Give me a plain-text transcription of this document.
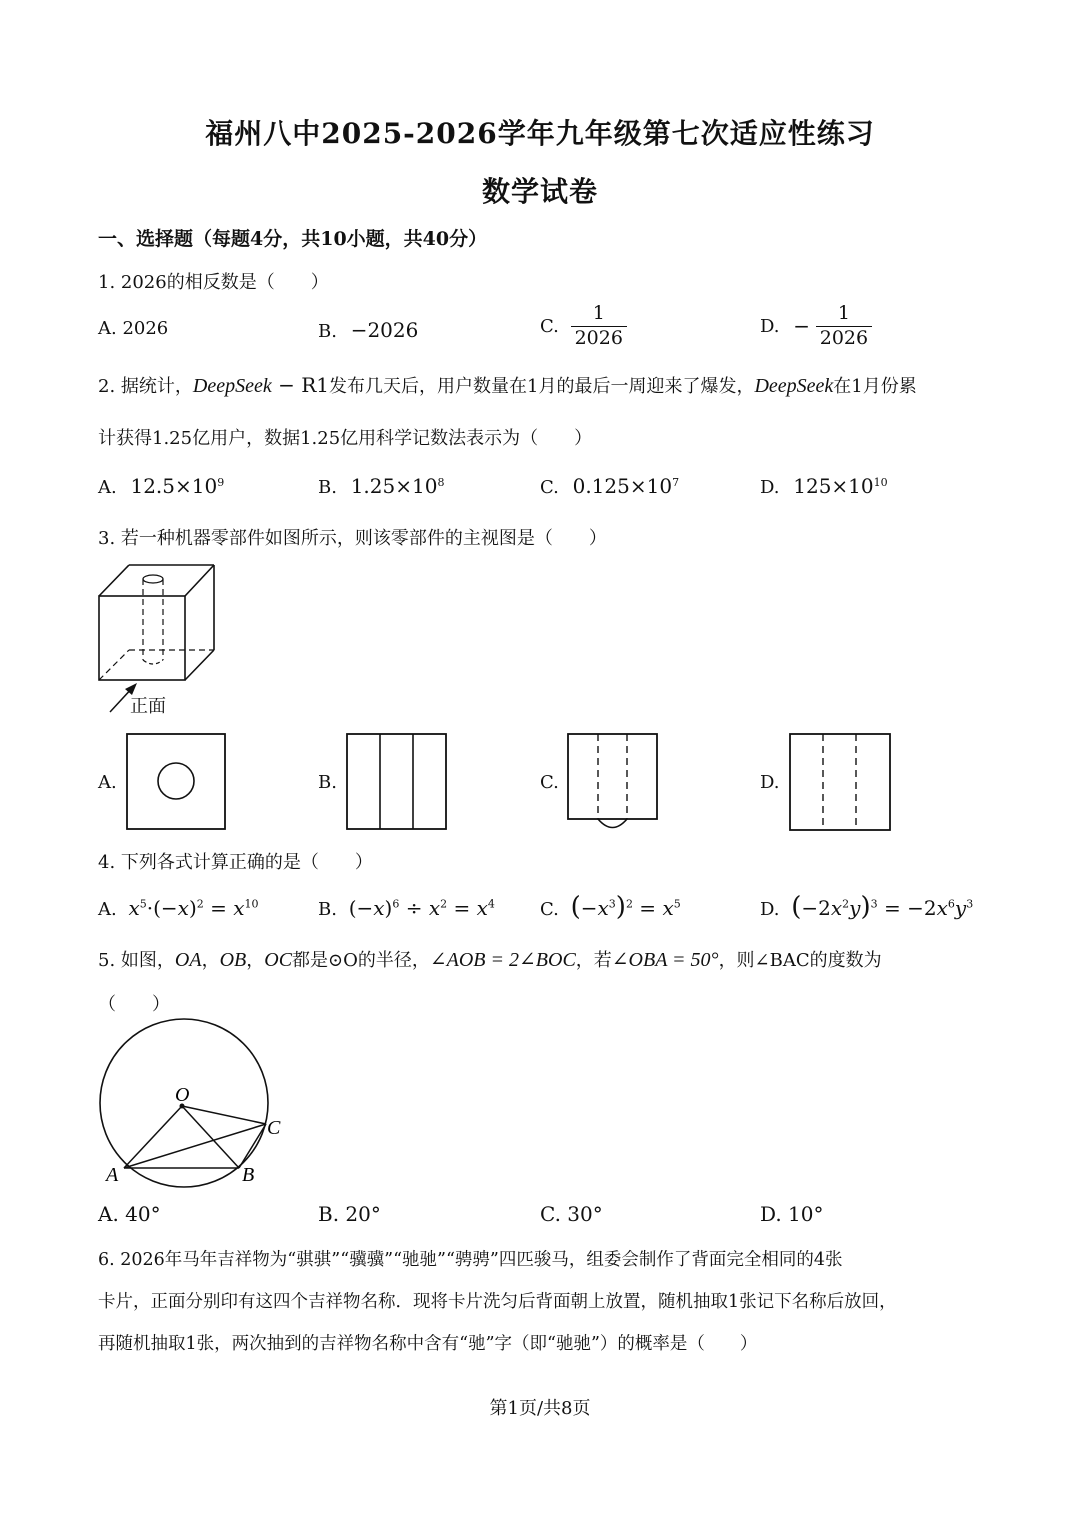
福州八中2025-2026学年九年级第七次适应性练习
数学试卷
一、选择题（每题4分，共10小题，共40分）
1. 2026的相反数是（　　）
A. 2026	B. −2026	C. $\frac{1}{2026}$	D. − $\frac{1}{2026}$
2. 据统计，DeepSeek − R1发布几天后，用户数量在1月的最后一周迎来了爆发，DeepSeek在1月份累
计获得1.25亿用户，数据1.25亿用科学记数法表示为（　　）
A. $12.5\times 10^9$	B. $1.25\times 10^8$	C. $0.125\times 10^7$	D. $125\times 10^{10}$
3. 若一种机器零部件如图所示，则该零部件的主视图是（　　）
正面
A.	B.	C.	D.
4. 下列各式计算正确的是（　　）
A. $x^5\cdot(-x)^2 = x^{10}$	B. $(-x)^6 \div x^2 = x^4$	C. $(-x^3)^2 = x^5$	D. $(-2x^2y)^3 = -2x^6y^3$
5. 如图，OA，OB，OC都是⊙O的半径，∠AOB = 2∠BOC，若∠OBA = 50°，则∠BAC的度数为
（　　）
O
A	B
C
A. 40°	B. 20°	C. 30°	D. 10°
6. 2026年马年吉祥物为“骐骐”“骥骥”“驰驰”“骋骋”四匹骏马，组委会制作了背面完全相同的4张
卡片，正面分别印有这四个吉祥物名称．现将卡片洗匀后背面朝上放置，随机抽取1张记下名称后放回，
再随机抽取1张，两次抽到的吉祥物名称中含有“驰”字（即“驰驰”）的概率是（　　）
第1页/共8页
